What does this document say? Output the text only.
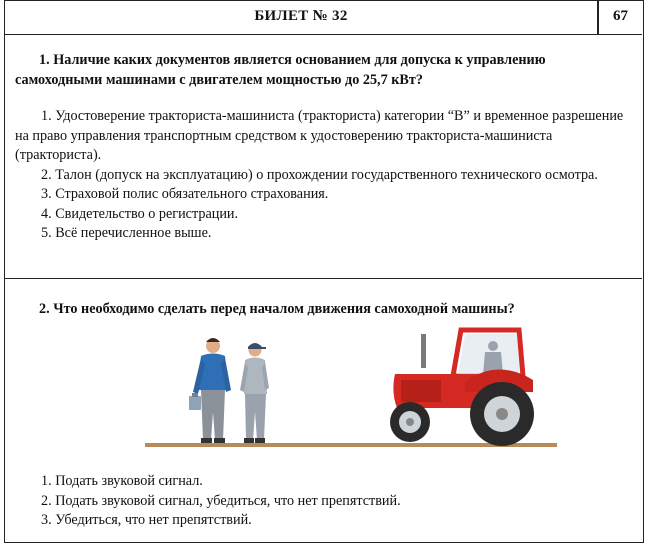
БИЛЕТ № 32	67
1. Наличие каких документов является основанием для допуска к управлению самоходными машинами с двигателем мощностью до 25,7 кВт?
1. Удостоверение тракториста-машиниста (тракториста) категории “В” и временное разрешение на право управления транспортным средством к удостоверению тракториста-машиниста (тракториста).
2. Талон (допуск на эксплуатацию) о прохождении государственного технического осмотра.
3. Страховой полис обязательного страхования.
4. Свидетельство о регистрации.
5. Всё перечисленное выше.
2. Что необходимо сделать перед началом движения самоходной машины?
1. Подать звуковой сигнал.
2. Подать звуковой сигнал, убедиться, что нет препятствий.
3. Убедиться, что нет препятствий.
